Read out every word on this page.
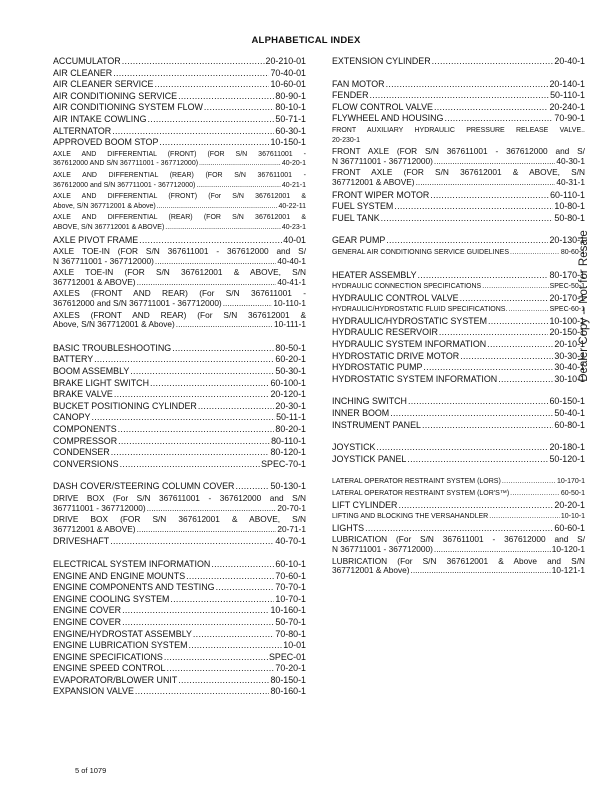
ALPHABETICAL INDEX
ACCUMULATOR .....	20-210-01
AIR CLEANER .....	70-40-01
AIR CLEANER SERVICE .....	10-60-01
AIR CONDITIONING SERVICE .....	80-90-1
AIR CONDITIONING SYSTEM FLOW .....	80-10-1
AIR INTAKE COWLING .....	50-71-1
ALTERNATOR .....	60-30-1
APPROVED BOOM STOP .....	10-150-1
AXLE AND DIFFERENTIAL (FRONT) (FOR S/N 367611001 -
367612000 AND S/N 367711001 - 367712000) .....	40-20-1
AXLE AND DIFFERENTIAL (REAR) (FOR S/N 367611001 -
367612000 and S/N 367711001 - 367712000) .....	40-21-1
AXLE AND DIFFERENTIAL (FRONT) (For S/N 367612001 &
Above, S/N 367712001 & Above) .....	40-22-11
AXLE AND DIFFERENTIAL (REAR) (FOR S/N 367612001 &
ABOVE, S/N 367712001 & ABOVE) .....	40-23-1
AXLE PIVOT FRAME .....	40-01
AXLE TOE-IN (FOR S/N 367611001 - 367612000 and S/
N 367711001 - 367712000) .....	40-40-1
AXLE TOE-IN (FOR S/N 367612001 & ABOVE, S/N
367712001 & ABOVE) .....	40-41-1
AXLES (FRONT AND REAR) (For S/N 367611001 -
367612000 and S/N 367711001 - 367712000) .....	10-110-1
AXLES (FRONT AND REAR) (For S/N 367612001 &
Above, S/N 367712001 & Above) .....	10-111-1
BASIC TROUBLESHOOTING .....	80-50-1
BATTERY .....	60-20-1
BOOM ASSEMBLY .....	50-30-1
BRAKE LIGHT SWITCH .....	60-100-1
BRAKE VALVE .....	20-120-1
BUCKET POSITIONING CYLINDER .....	20-30-1
CANOPY .....	50-11-1
COMPONENTS .....	80-20-1
COMPRESSOR .....	80-110-1
CONDENSER .....	80-120-1
CONVERSIONS .....	SPEC-70-1
DASH COVER/STEERING COLUMN COVER .....	50-130-1
DRIVE BOX (For S/N 367611001 - 367612000 and S/N
367711001 - 367712000) .....	20-70-1
DRIVE BOX (FOR S/N 367612001 & ABOVE, S/N
367712001 & ABOVE) .....	20-71-1
DRIVESHAFT .....	40-70-1
ELECTRICAL SYSTEM INFORMATION .....	60-10-1
ENGINE AND ENGINE MOUNTS .....	70-60-1
ENGINE COMPONENTS AND TESTING .....	70-70-1
ENGINE COOLING SYSTEM .....	10-70-1
ENGINE COVER .....	10-160-1
ENGINE COVER .....	50-70-1
ENGINE/HYDROSTAT ASSEMBLY .....	70-80-1
ENGINE LUBRICATION SYSTEM .....	10-01
ENGINE SPECIFICATIONS .....	SPEC-01
ENGINE SPEED CONTROL .....	70-20-1
EVAPORATOR/BLOWER UNIT .....	80-150-1
EXPANSION VALVE .....	80-160-1
EXTENSION CYLINDER .....	20-40-1
FAN MOTOR .....	20-140-1
FENDER .....	50-110-1
FLOW CONTROL VALVE .....	20-240-1
FLYWHEEL AND HOUSING .....	70-90-1
FRONT AUXILIARY HYDRAULIC PRESSURE RELEASE VALVE..
20-230-1
FRONT AXLE (FOR S/N 367611001 - 367612000 and S/
N 367711001 - 367712000) .....	40-30-1
FRONT AXLE (FOR S/N 367612001 & ABOVE, S/N
367712001 & ABOVE) .....	40-31-1
FRONT WIPER MOTOR .....	60-110-1
FUEL SYSTEM .....	10-80-1
FUEL TANK .....	50-80-1
GEAR PUMP .....	20-130-1
GENERAL AIR CONDITIONING SERVICE GUIDELINES .....	80-60-1
HEATER ASSEMBLY .....	80-170-1
HYDRAULIC CONNECTION SPECIFICATIONS .....	SPEC-50-1
HYDRAULIC CONTROL VALVE .....	20-170-1
HYDRAULIC/HYDROSTATIC FLUID SPECIFICATIONS. .....	SPEC-60-1
HYDRAULIC/HYDROSTATIC SYSTEM .....	10-100-1
HYDRAULIC RESERVOIR .....	20-150-1
HYDRAULIC SYSTEM INFORMATION .....	20-10-1
HYDROSTATIC DRIVE MOTOR .....	30-30-1
HYDROSTATIC PUMP .....	30-40-1
HYDROSTATIC SYSTEM INFORMATION .....	30-10-1
INCHING SWITCH .....	60-150-1
INNER BOOM .....	50-40-1
INSTRUMENT PANEL .....	60-80-1
JOYSTICK .....	20-180-1
JOYSTICK PANEL .....	50-120-1
LATERAL OPERATOR RESTRAINT SYSTEM (LORS) .....	10-170-1
LATERAL OPERATOR RESTRAINT SYSTEM (LOR'S™) .....	60-50-1
LIFT CYLINDER .....	20-20-1
LIFTING AND BLOCKING THE VERSAHANDLER .....	10-10-1
LIGHTS .....	60-60-1
LUBRICATION (For S/N 367611001 - 367612000 and S/
N 367711001 - 367712000) .....	10-120-1
LUBRICATION (For S/N 367612001 & Above and S/N
367712001 & Above) .....	10-121-1
Dealer Copy -- Not for Resale
5 of 1079
